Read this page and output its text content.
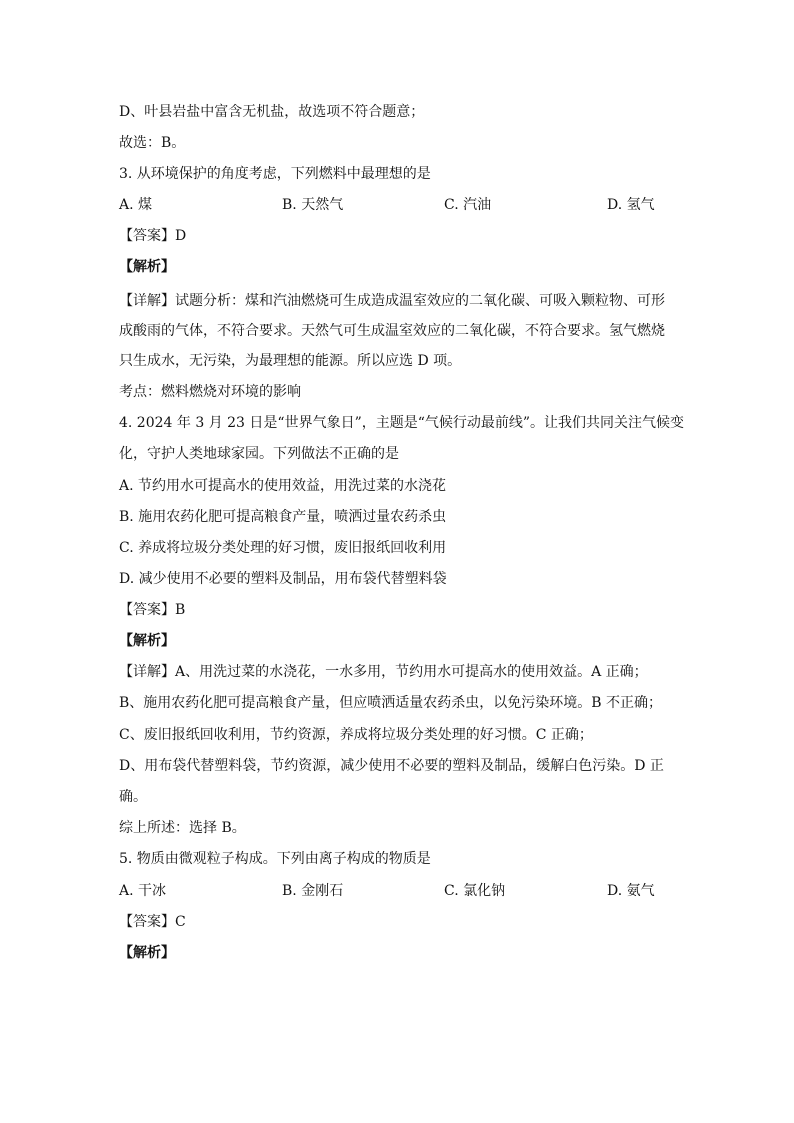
D、叶县岩盐中富含无机盐，故选项不符合题意；
故选：B。
3. 从环境保护的角度考虑，下列燃料中最理想的是
A. 煤	B. 天然气	C. 汽油	D. 氢气
【答案】D
【解析】
【详解】试题分析：煤和汽油燃烧可生成造成温室效应的二氧化碳、可吸入颗粒物、可形
成酸雨的气体，不符合要求。天然气可生成温室效应的二氧化碳，不符合要求。氢气燃烧
只生成水，无污染，为最理想的能源。所以应选 D 项。
考点：燃料燃烧对环境的影响
4. 2024 年 3 月 23 日是“世界气象日”，主题是“气候行动最前线”。让我们共同关注气候变
化，守护人类地球家园。下列做法不正确的是
A. 节约用水可提高水的使用效益，用洗过菜的水浇花
B. 施用农药化肥可提高粮食产量，喷洒过量农药杀虫
C. 养成将垃圾分类处理的好习惯，废旧报纸回收利用
D. 减少使用不必要的塑料及制品，用布袋代替塑料袋
【答案】B
【解析】
【详解】A、用洗过菜的水浇花，一水多用，节约用水可提高水的使用效益。A 正确；
B、施用农药化肥可提高粮食产量，但应喷洒适量农药杀虫，以免污染环境。B 不正确；
C、废旧报纸回收利用，节约资源，养成将垃圾分类处理的好习惯。C 正确；
D、用布袋代替塑料袋，节约资源，减少使用不必要的塑料及制品，缓解白色污染。D 正
确。
综上所述：选择 B。
5. 物质由微观粒子构成。下列由离子构成的物质是
A. 干冰	B. 金刚石	C. 氯化钠	D. 氨气
【答案】C
【解析】
